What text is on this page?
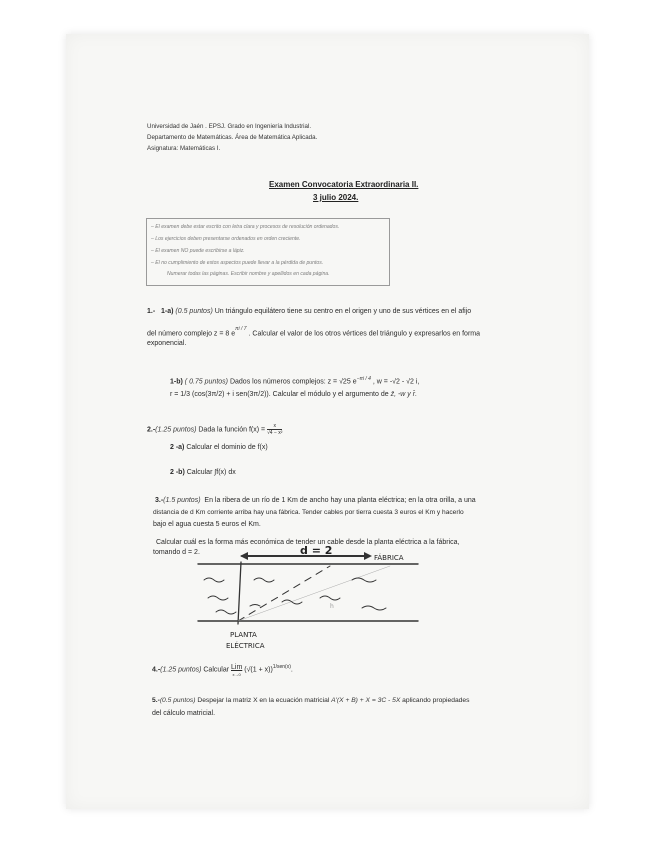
Universidad de Jaén . EPSJ. Grado en Ingeniería Industrial.
Departamento de Matemáticas. Área de Matemática Aplicada.
Asignatura: Matemáticas I.
Examen Convocatoria Extraordinaria II.
3 julio 2024.
– El examen debe estar escrito con letra clara y procesos de resolución ordenados.
– Los ejercicios deben presentarse ordenados en orden creciente.
– El examen NO puede escribirse a lápiz.
– El no cumplimiento de estos aspectos puede llevar a la pérdida de puntos.
Numerar todas las páginas. Escribir nombre y apellidos en cada página.
1.- 1-a) (0.5 puntos) Un triángulo equilátero tiene su centro en el origen y uno de sus vértices en el afijo
del número complejo z = 8 $e^{\pi i / 7}$ . Calcular el valor de los otros vértices del triángulo y expresarlos en forma
exponencial.
1-b) ( 0.75 puntos) Dados los números complejos: z = √25 $e^{-\pi i / 4}$ , w = -√2 - √2 i,
r = 1/3 (cos(3π/2) + i sen(3π/2)). Calcular el módulo y el argumento de z̄, -w y r̄.
2.-(1.25 puntos) Dada la función $f(x) = \frac{x}{\text{√4 − x²}}$
2 -a) Calcular el dominio de f(x)
2 -b) Calcular ∫f(x) dx
3.-(1.5 puntos) En la ribera de un río de 1 Km de ancho hay una planta eléctrica; en la otra orilla, a una
distancia de d Km corriente arriba hay una fábrica. Tender cables por tierra cuesta 3 euros el Km y hacerlo
bajo el agua cuesta 5 euros el Km.
Calcular cuál es la forma más económica de tender un cable desde la planta eléctrica a la fábrica,
tomando d = 2.	d = 2
FÁBRICA
h
PLANTA
ELÉCTRICA
4.-(1.25 puntos) Calcular Lim
x→0
$(√(1 + x))^{1/sen(x)}$.
5.-(0.5 puntos) Despejar la matriz X en la ecuación matricial A'(X + B) + X = 3C - 5X aplicando propiedades
del cálculo matricial.
